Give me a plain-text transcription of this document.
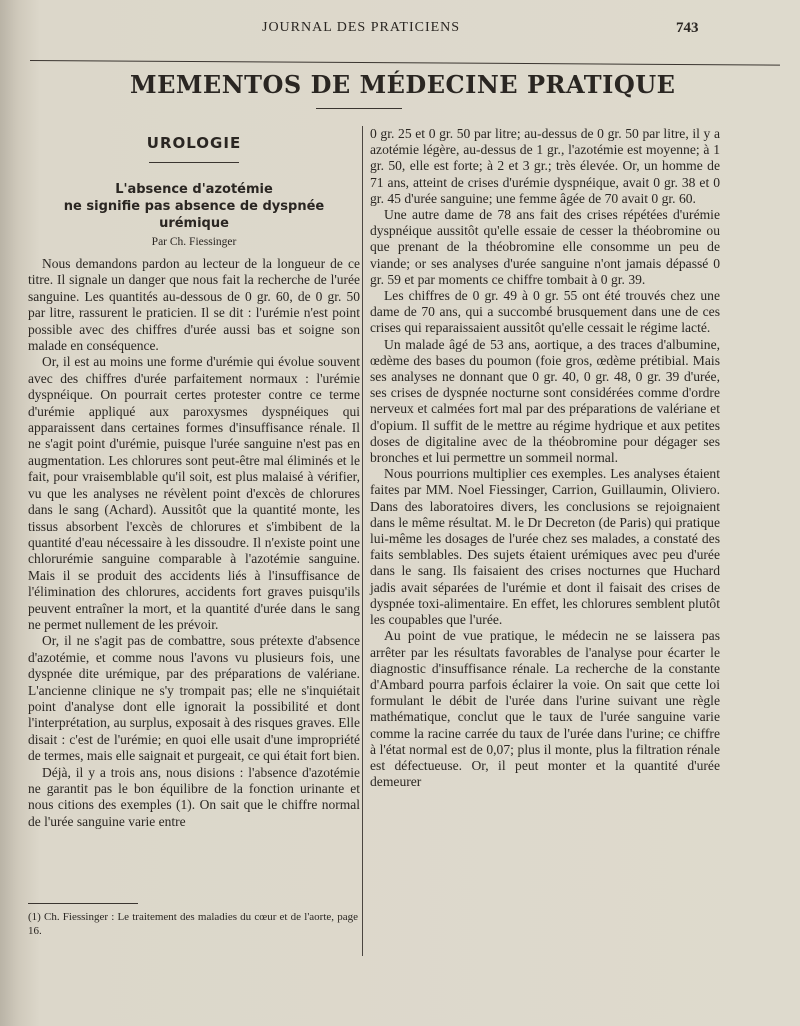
JOURNAL DES PRATICIENS	743
MEMENTOS DE MÉDECINE PRATIQUE
UROLOGIE
L'absence d'azotémie
ne signifie pas absence de dyspnée urémique
Par Ch. Fiessinger

Nous demandons pardon au lecteur de la longueur de ce titre. Il signale un danger que nous fait la recherche de l'urée sanguine. Les quantités au-dessous de 0 gr. 60, de 0 gr. 50 par litre, rassurent le praticien. Il se dit : l'urémie n'est point possible avec des chiffres d'urée aussi bas et soigne son malade en conséquence.

Or, il est au moins une forme d'urémie qui évolue souvent avec des chiffres d'urée parfaitement normaux : l'urémie dyspnéique. On pourrait certes protester contre ce terme d'urémie appliqué aux paroxysmes dyspnéiques qui apparaissent dans certaines formes d'insuffisance rénale. Il ne s'agit point d'urémie, puisque l'urée sanguine n'est pas en augmentation. Les chlorures sont peut-être mal éliminés et le fait, pour vraisemblable qu'il soit, est plus malaisé à vérifier, vu que les analyses ne révèlent point d'excès de chlorures dans le sang (Achard). Aussitôt que la quantité monte, les tissus absorbent l'excès de chlorures et s'imbibent de la quantité d'eau nécessaire à les dissoudre. Il n'existe point une chlorurémie sanguine comparable à l'azotémie sanguine. Mais il se produit des accidents liés à l'insuffisance de l'élimination des chlorures, accidents fort graves puisqu'ils peuvent entraîner la mort, et la quantité d'urée dans le sang ne permet nullement de les prévoir.

Or, il ne s'agit pas de combattre, sous prétexte d'absence d'azotémie, et comme nous l'avons vu plusieurs fois, une dyspnée dite urémique, par des préparations de valériane. L'ancienne clinique ne s'y trompait pas; elle ne s'inquiétait point d'analyse dont elle ignorait la possibilité et dont l'interprétation, au surplus, exposait à des risques graves. Elle disait : c'est de l'urémie; en quoi elle usait d'une impropriété de termes, mais elle saignait et purgeait, ce qui était fort bien.

Déjà, il y a trois ans, nous disions : l'absence d'azotémie ne garantit pas le bon équilibre de la fonction urinante et nous citions des exemples (1). On sait que le chiffre normal de l'urée sanguine varie entre

0 gr. 25 et 0 gr. 50 par litre; au-dessus de 0 gr. 50 par litre, il y a azotémie légère, au-dessus de 1 gr., l'azotémie est moyenne; à 1 gr. 50, elle est forte; à 2 et 3 gr.; très élevée. Or, un homme de 71 ans, atteint de crises d'urémie dyspnéique, avait 0 gr. 38 et 0 gr. 45 d'urée sanguine; une femme âgée de 70 avait 0 gr. 60.

Une autre dame de 78 ans fait des crises répétées d'urémie dyspnéique aussitôt qu'elle essaie de cesser la théobromine ou que prenant de la théobromine elle consomme un peu de viande; or ses analyses d'urée sanguine n'ont jamais dépassé 0 gr. 59 et par moments ce chiffre tombait à 0 gr. 39.

Les chiffres de 0 gr. 49 à 0 gr. 55 ont été trouvés chez une dame de 70 ans, qui a succombé brusquement dans une de ces crises qui reparaissaient aussitôt qu'elle cessait le régime lacté.

Un malade âgé de 53 ans, aortique, a des traces d'albumine, œdème des bases du poumon (foie gros, œdème prétibial. Mais ses analyses ne donnant que 0 gr. 40, 0 gr. 48, 0 gr. 39 d'urée, ses crises de dyspnée nocturne sont considérées comme d'ordre nerveux et calmées fort mal par des préparations de valériane et d'opium. Il suffit de le mettre au régime hydrique et aux petites doses de digitaline avec de la théobromine pour dégager ses bronches et lui permettre un sommeil normal.

Nous pourrions multiplier ces exemples. Les analyses étaient faites par MM. Noel Fiessinger, Carrion, Guillaumin, Oliviero. Dans des laboratoires divers, les conclusions se rejoignaient dans le même résultat. M. le Dr Decreton (de Paris) qui pratique lui-même les dosages de l'urée chez ses malades, a constaté des faits semblables. Des sujets étaient urémiques avec peu d'urée dans le sang. Ils faisaient des crises nocturnes que Huchard jadis avait séparées de l'urémie et dont il faisait des crises de dyspnée toxi-alimentaire. En effet, les chlorures semblent plutôt les coupables que l'urée.

Au point de vue pratique, le médecin ne se laissera pas arrêter par les résultats favorables de l'analyse pour écarter le diagnostic d'insuffisance rénale. La recherche de la constante d'Ambard pourra parfois éclairer la voie. On sait que cette loi formulant le débit de l'urée dans l'urine suivant une règle mathématique, conclut que le taux de l'urée sanguine varie comme la racine carrée du taux de l'urée dans l'urine; ce chiffre à l'état normal est de 0,07; plus il monte, plus la filtration rénale est défectueuse. Or, il peut monter et la quantité d'urée demeurer

(1) Ch. Fiessinger : Le traitement des maladies du cœur et de l'aorte, page 16.
